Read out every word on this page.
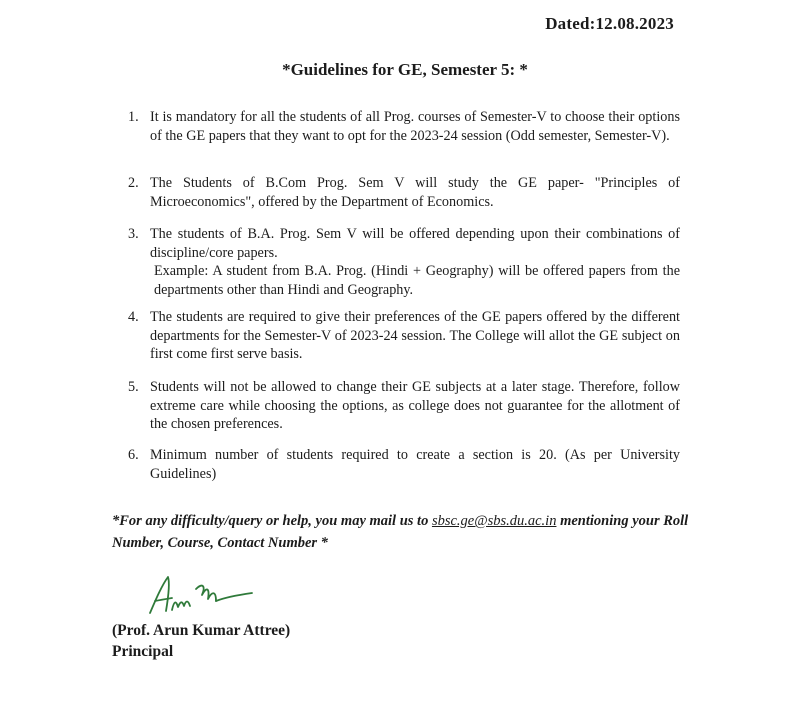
Dated:12.08.2023
*Guidelines for GE, Semester 5: *
1. It is mandatory for all the students of all Prog. courses of Semester-V to choose their options of the GE papers that they want to opt for the 2023-24 session (Odd semester, Semester-V).
2. The Students of B.Com Prog. Sem V will study the GE paper- "Principles of Microeconomics", offered by the Department of Economics.
3. The students of B.A. Prog. Sem V will be offered depending upon their combinations of discipline/core papers.
Example: A student from B.A. Prog. (Hindi + Geography) will be offered papers from the departments other than Hindi and Geography.
4. The students are required to give their preferences of the GE papers offered by the different departments for the Semester-V of 2023-24 session. The College will allot the GE subject on first come first serve basis.
5. Students will not be allowed to change their GE subjects at a later stage. Therefore, follow extreme care while choosing the options, as college does not guarantee for the allotment of the chosen preferences.
6. Minimum number of students required to create a section is 20. (As per University Guidelines)
*For any difficulty/query or help, you may mail us to sbsc.ge@sbs.du.ac.in mentioning your Roll Number, Course, Contact Number *
(Prof. Arun Kumar Attree)
Principal
